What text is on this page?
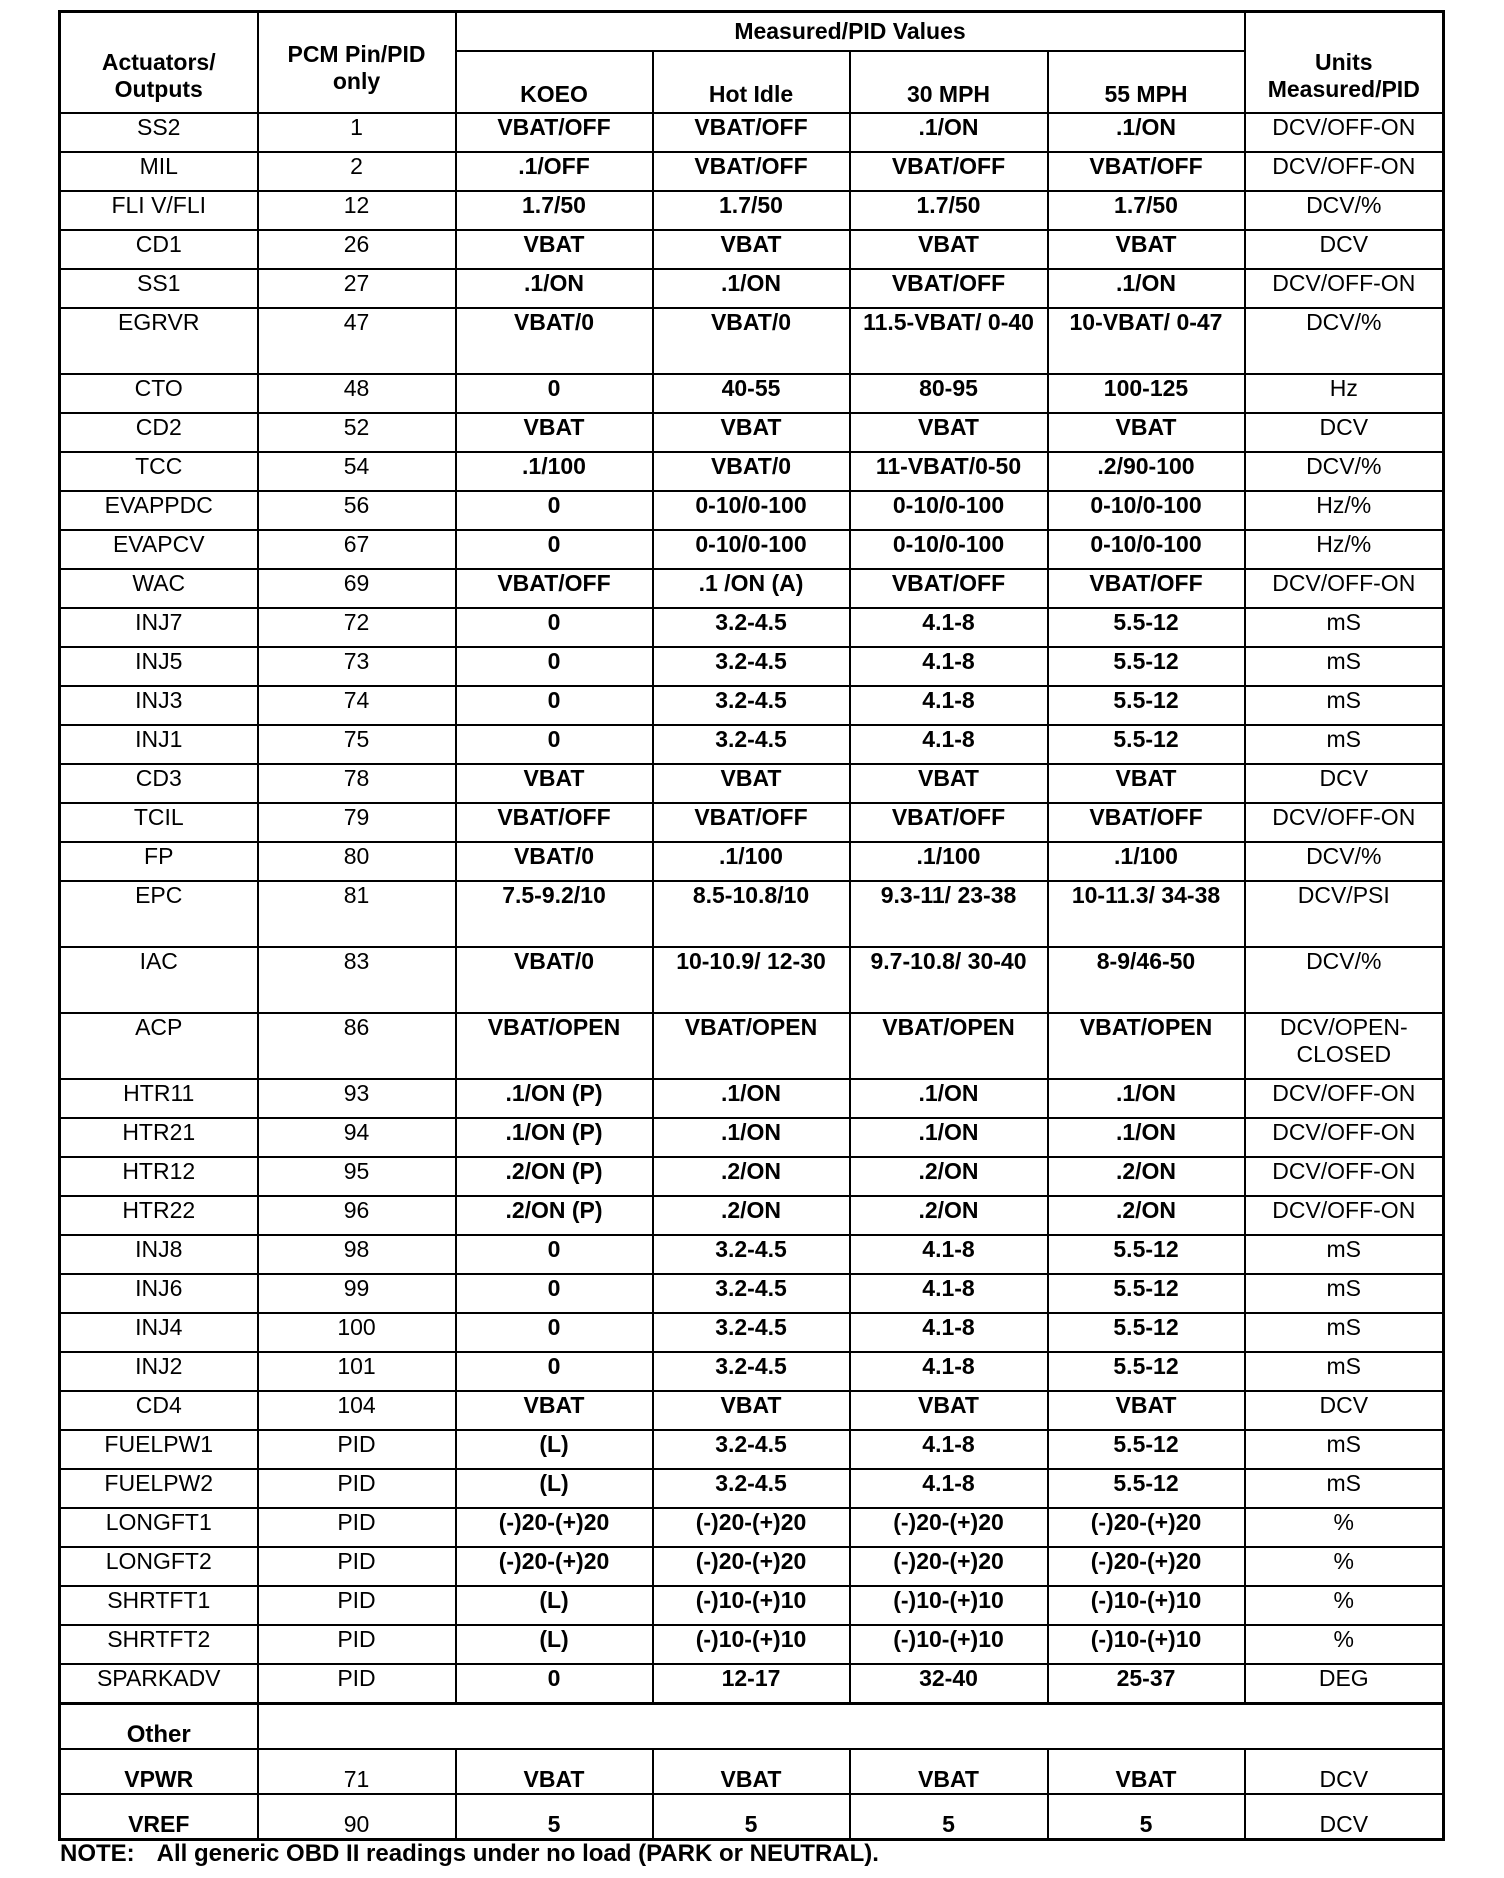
Actuators/ Outputs	PCM Pin/PID only	Measured/PID Values				Units Measured/PID
		KOEO	Hot Idle	30 MPH	55 MPH	
SS2	1	VBAT/OFF	VBAT/OFF	.1/ON	.1/ON	DCV/OFF-ON
MIL	2	.1/OFF	VBAT/OFF	VBAT/OFF	VBAT/OFF	DCV/OFF-ON
FLI V/FLI	12	1.7/50	1.7/50	1.7/50	1.7/50	DCV/%
CD1	26	VBAT	VBAT	VBAT	VBAT	DCV
SS1	27	.1/ON	.1/ON	VBAT/OFF	.1/ON	DCV/OFF-ON
EGRVR	47	VBAT/0	VBAT/0	11.5-VBAT/ 0-40	10-VBAT/ 0-47	DCV/%
CTO	48	0	40-55	80-95	100-125	Hz
CD2	52	VBAT	VBAT	VBAT	VBAT	DCV
TCC	54	.1/100	VBAT/0	11-VBAT/0-50	.2/90-100	DCV/%
EVAPPDC	56	0	0-10/0-100	0-10/0-100	0-10/0-100	Hz/%
EVAPCV	67	0	0-10/0-100	0-10/0-100	0-10/0-100	Hz/%
WAC	69	VBAT/OFF	.1 /ON (A)	VBAT/OFF	VBAT/OFF	DCV/OFF-ON
INJ7	72	0	3.2-4.5	4.1-8	5.5-12	mS
INJ5	73	0	3.2-4.5	4.1-8	5.5-12	mS
INJ3	74	0	3.2-4.5	4.1-8	5.5-12	mS
INJ1	75	0	3.2-4.5	4.1-8	5.5-12	mS
CD3	78	VBAT	VBAT	VBAT	VBAT	DCV
TCIL	79	VBAT/OFF	VBAT/OFF	VBAT/OFF	VBAT/OFF	DCV/OFF-ON
FP	80	VBAT/0	.1/100	.1/100	.1/100	DCV/%
EPC	81	7.5-9.2/10	8.5-10.8/10	9.3-11/ 23-38	10-11.3/ 34-38	DCV/PSI
IAC	83	VBAT/0	10-10.9/ 12-30	9.7-10.8/ 30-40	8-9/46-50	DCV/%
ACP	86	VBAT/OPEN	VBAT/OPEN	VBAT/OPEN	VBAT/OPEN	DCV/OPEN- CLOSED
HTR11	93	.1/ON (P)	.1/ON	.1/ON	.1/ON	DCV/OFF-ON
HTR21	94	.1/ON (P)	.1/ON	.1/ON	.1/ON	DCV/OFF-ON
HTR12	95	.2/ON (P)	.2/ON	.2/ON	.2/ON	DCV/OFF-ON
HTR22	96	.2/ON (P)	.2/ON	.2/ON	.2/ON	DCV/OFF-ON
INJ8	98	0	3.2-4.5	4.1-8	5.5-12	mS
INJ6	99	0	3.2-4.5	4.1-8	5.5-12	mS
INJ4	100	0	3.2-4.5	4.1-8	5.5-12	mS
INJ2	101	0	3.2-4.5	4.1-8	5.5-12	mS
CD4	104	VBAT	VBAT	VBAT	VBAT	DCV
FUELPW1	PID	(L)	3.2-4.5	4.1-8	5.5-12	mS
FUELPW2	PID	(L)	3.2-4.5	4.1-8	5.5-12	mS
LONGFT1	PID	(-)20-(+)20	(-)20-(+)20	(-)20-(+)20	(-)20-(+)20	%
LONGFT2	PID	(-)20-(+)20	(-)20-(+)20	(-)20-(+)20	(-)20-(+)20	%
SHRTFT1	PID	(L)	(-)10-(+)10	(-)10-(+)10	(-)10-(+)10	%
SHRTFT2	PID	(L)	(-)10-(+)10	(-)10-(+)10	(-)10-(+)10	%
SPARKADV	PID	0	12-17	32-40	25-37	DEG
Other						
VPWR	71	VBAT	VBAT	VBAT	VBAT	DCV
VREF	90	5	5	5	5	DCV
NOTE: All generic OBD II readings under no load (PARK or NEUTRAL).
